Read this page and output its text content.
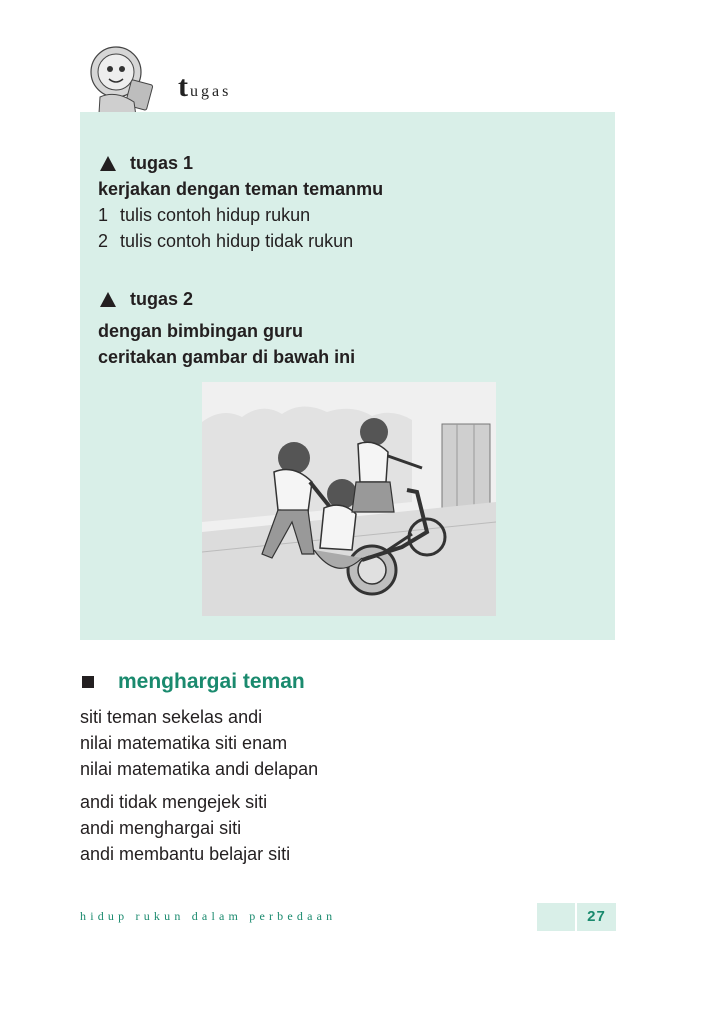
tugas
tugas 1
kerjakan dengan teman temanmu
1 tulis contoh hidup rukun
2 tulis contoh hidup tidak rukun
tugas 2
dengan bimbingan guru
ceritakan gambar di bawah ini
menghargai teman
siti teman sekelas andi
nilai matematika siti enam
nilai matematika andi delapan
andi tidak mengejek siti
andi menghargai siti
andi membantu belajar siti
hidup rukun dalam perbedaan	27
